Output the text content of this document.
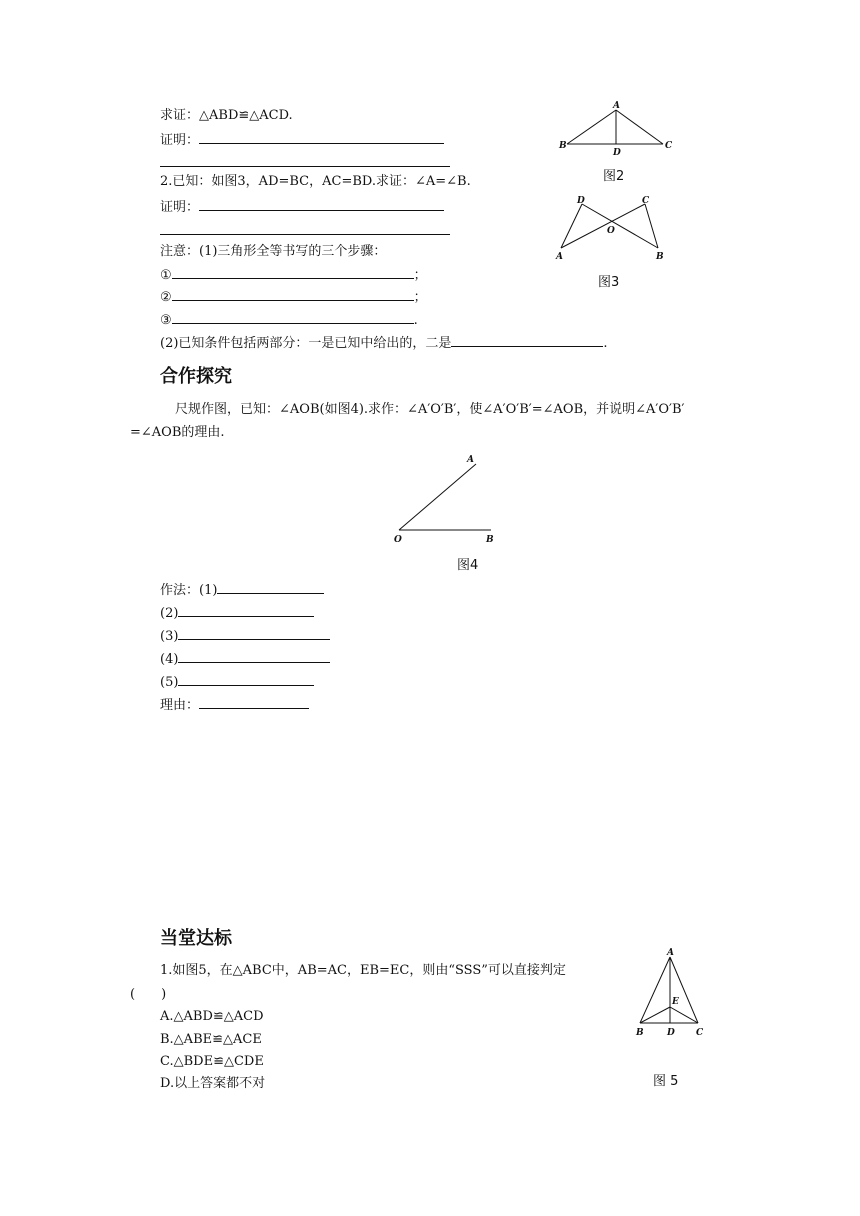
求证：△ABD≌△ACD.
证明：
2.已知：如图3，AD=BC，AC=BD.求证：∠A=∠B.
证明：
注意：(1)三角形全等书写的三个步骤：
①	；
②	；
③	.
(2)已知条件包括两部分：一是已知中给出的，二是	.
A
B	C
D
图2
D	C
O
A	B
图3
合作探究
尺规作图，已知：∠AOB(如图4).求作：∠A′O′B′，使∠A′O′B′=∠AOB，并说明∠A′O′B′
=∠AOB的理由.
A
O	B
图4
作法：(1)
(2)
(3)
(4)
(5)
理由：
当堂达标
1.如图5，在△ABC中，AB=AC，EB=EC，则由“SSS”可以直接判定
(　　)
A.△ABD≌△ACD
B.△ABE≌△ACE
C.△BDE≌△CDE
D.以上答案都不对
A
E
B	D C
图 5
